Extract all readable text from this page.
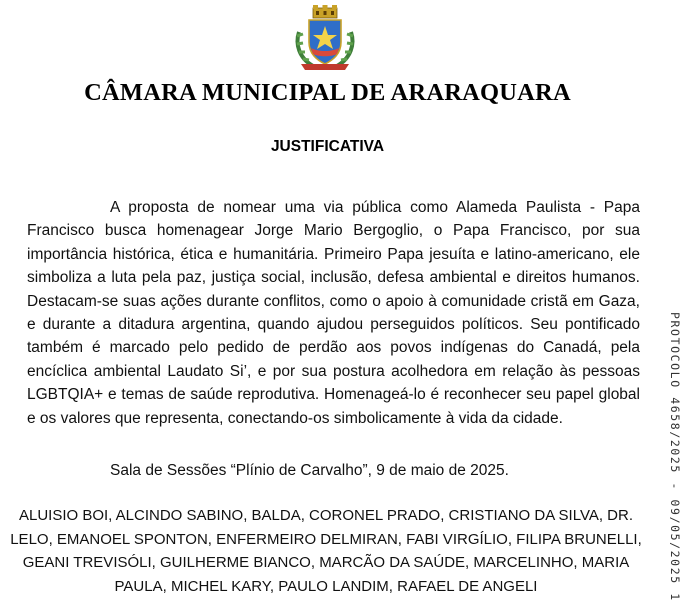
CÂMARA MUNICIPAL DE ARARAQUARA
JUSTIFICATIVA

A proposta de nomear uma via pública como Alameda Paulista - Papa Francisco busca homenagear Jorge Mario Bergoglio, o Papa Francisco, por sua importância histórica, ética e humanitária. Primeiro Papa jesuíta e latino-americano, ele simboliza a luta pela paz, justiça social, inclusão, defesa ambiental e direitos humanos. Destacam-se suas ações durante conflitos, como o apoio à comunidade cristã em Gaza, e durante a ditadura argentina, quando ajudou perseguidos políticos. Seu pontificado também é marcado pelo pedido de perdão aos povos indígenas do Canadá, pela encíclica ambiental Laudato Si’, e por sua postura acolhedora em relação às pessoas LGBTQIA+ e temas de saúde reprodutiva. Homenageá-lo é reconhecer seu papel global e os valores que representa, conectando-os simbolicamente à vida da cidade.

Sala de Sessões “Plínio de Carvalho”, 9 de maio de 2025.

ALUISIO BOI, ALCINDO SABINO, BALDA, CORONEL PRADO, CRISTIANO DA SILVA, DR. LELO, EMANOEL SPONTON, ENFERMEIRO DELMIRAN, FABI VIRGÍLIO, FILIPA BRUNELLI, GEANI TREVISÓLI, GUILHERME BIANCO, MARCÃO DA SAÚDE, MARCELINHO, MARIA PAULA, MICHEL KARY, PAULO LANDIM, RAFAEL DE ANGELI	PROTOCOLO 4658/2025 - 09/05/2025 1
